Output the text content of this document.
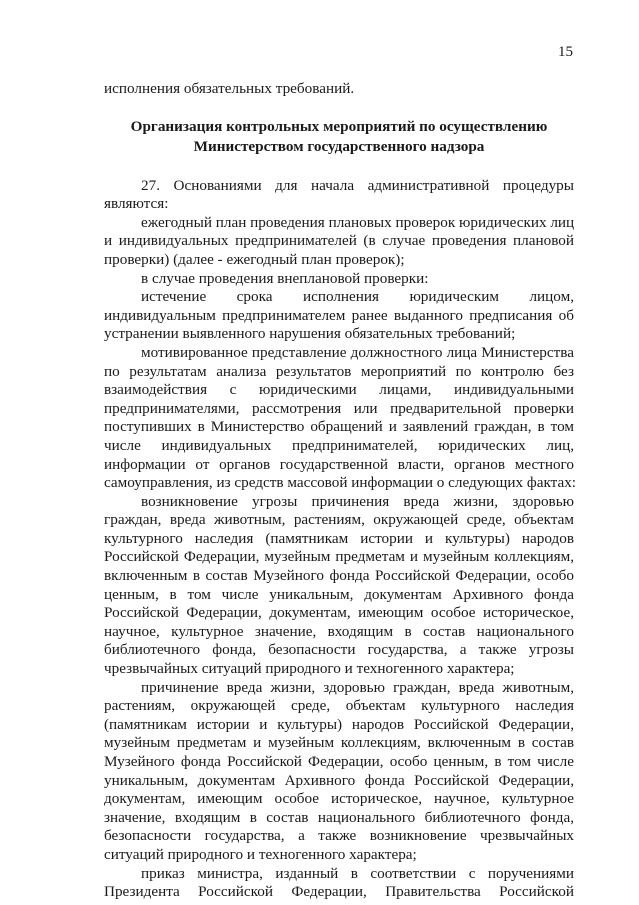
15
исполнения обязательных требований.
Организация контрольных мероприятий по осуществлению
Министерством государственного надзора
27. Основаниями для начала административной процедуры
являются:
ежегодный план проведения плановых проверок юридических лиц
и индивидуальных предпринимателей (в случае проведения плановой
проверки) (далее - ежегодный план проверок);
в случае проведения внеплановой проверки:
истечение срока исполнения юридическим лицом,
индивидуальным предпринимателем ранее выданного предписания об
устранении выявленного нарушения обязательных требований;
мотивированное представление должностного лица Министерства
по результатам анализа результатов мероприятий по контролю без
взаимодействия с юридическими лицами, индивидуальными
предпринимателями, рассмотрения или предварительной проверки
поступивших в Министерство обращений и заявлений граждан, в том
числе индивидуальных предпринимателей, юридических лиц,
информации от органов государственной власти, органов местного
самоуправления, из средств массовой информации о следующих фактах:
возникновение угрозы причинения вреда жизни, здоровью
граждан, вреда животным, растениям, окружающей среде, объектам
культурного наследия (памятникам истории и культуры) народов
Российской Федерации, музейным предметам и музейным коллекциям,
включенным в состав Музейного фонда Российской Федерации, особо
ценным, в том числе уникальным, документам Архивного фонда
Российской Федерации, документам, имеющим особое историческое,
научное, культурное значение, входящим в состав национального
библиотечного фонда, безопасности государства, а также угрозы
чрезвычайных ситуаций природного и техногенного характера;
причинение вреда жизни, здоровью граждан, вреда животным,
растениям, окружающей среде, объектам культурного наследия
(памятникам истории и культуры) народов Российской Федерации,
музейным предметам и музейным коллекциям, включенным в состав
Музейного фонда Российской Федерации, особо ценным, в том числе
уникальным, документам Архивного фонда Российской Федерации,
документам, имеющим особое историческое, научное, культурное
значение, входящим в состав национального библиотечного фонда,
безопасности государства, а также возникновение чрезвычайных
ситуаций природного и техногенного характера;
приказ министра, изданный в соответствии с поручениями
Президента Российской Федерации, Правительства Российской
